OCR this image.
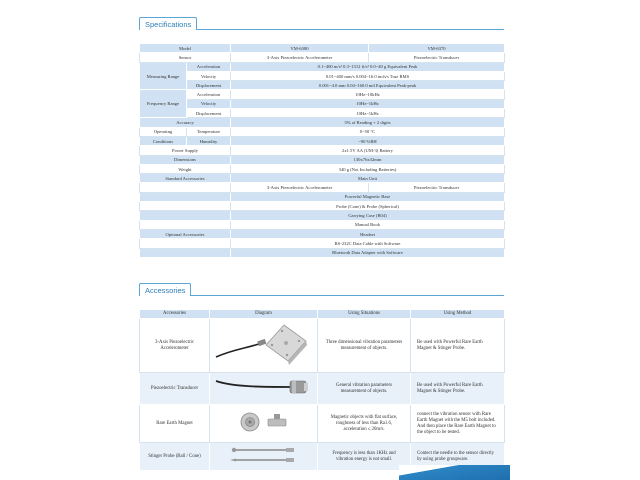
Specifications
Model		VM-6380	VM-6370
Sensor		3-Axis Piezoelectric Accelerometer	Piezoelectric Transducer
Measuring Range	Acceleration	0.1~400 m/s² 0.3~1312 ft/s² 0.0~40 g Equivalent Peak	
	Velocity	0.01~400 mm/s 0.004~16.0 inch/s True RMS	
	Displacement	0.001~4.0 mm 0.04~160.0 mil Equivalent Peak-peak	
Frequency Range	Acceleration	10Hz~10kHz	
	Velocity	10Hz~1kHz	
	Displacement	10Hz~1kHz	
Accuracy		5% of Reading + 2 digits	
Operating	Temperature	0~50 °C	
Conditions	Humidity	~90 %RH	
Power Supply		2x1.5V AA (UM-3) Battery	
Dimensions		130x76x32mm	
Weight		340 g (Not Including Batteries)	
Standard Accessories		Main Unit	
		3-Axis Piezoelectric Accelerometer	Piezoelectric Transducer
		Powerful Magnetic Base	
		Probe (Cone) & Probe (Spherical)	
		Carrying Case (B04)	
		Manual Book	
Optional Accessories		Headset	
		RS-232C Data Cable with Software	
		Bluetooth Data Adapter with Software	
Accessories
Accessories	Diagram	Using Situations	Using Method
3-Axis Piezoelectric Accelerometer		Three dimensional vibration parameters measurement of objects.	Be used with Powerful Rare Earth Magnet & Stinger Probe.
Piezoelectric Transducer		General vibration parameters measurement of objects.	Be used with Powerful Rare Earth Magnet & Stinger Probe.
Rare Earth Magnet		Magnetic objects with flat surface, roughness of less than Ra1.6, acceleration ≤ 20m/s.	connect the vibration sensor with Rare Earth Magnet with the M5 bolt included. And then place the Rare Earth Magnet to the object to be tested.
Stinger Probe (Ball / Cone)		Frequency is less than 1KHz and vibration energy is not small.	Contect the needle to the sensor directly by using probe groupware.
